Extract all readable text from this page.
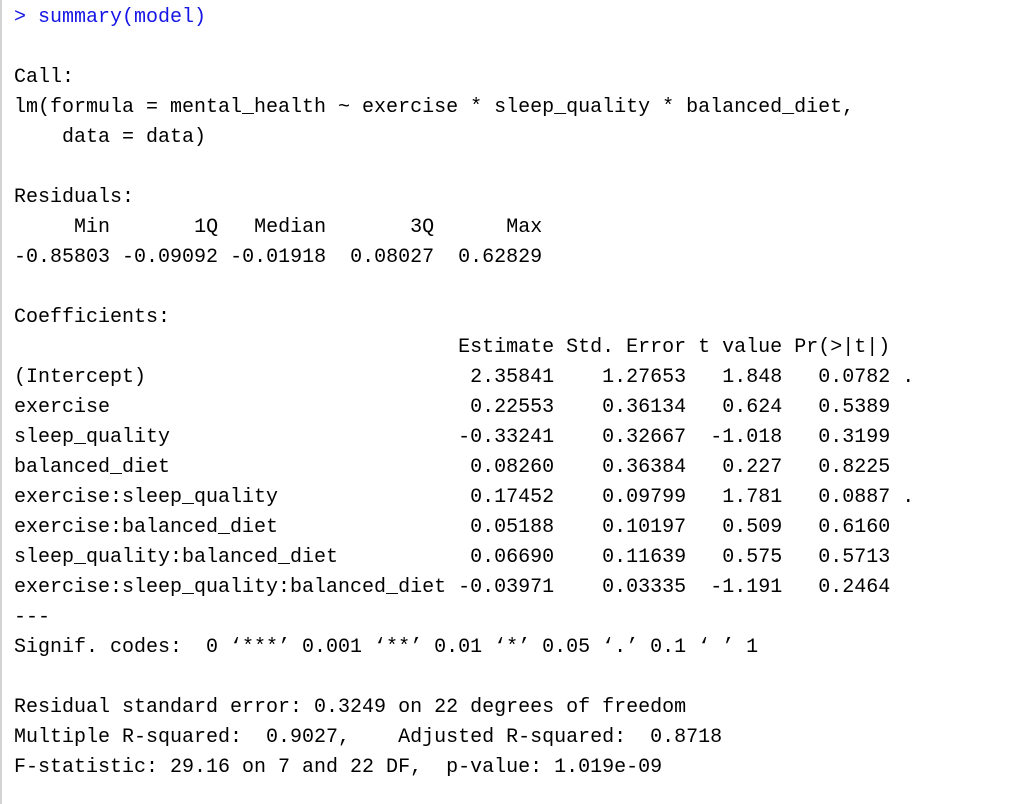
> summary(model)
Call:
lm(formula = mental_health ~ exercise * sleep_quality * balanced_diet,
data = data)
Residuals:
Min	1Q Median	3Q	Max
-0.85803 -0.09092 -0.01918 0.08027 0.62829
Coefficients:
Estimate Std. Error t value Pr(>|t|)
(Intercept)	2.35841 1.27653 1.848 0.0782 .
exercise	0.22553 0.36134 0.624 0.5389
sleep_quality	-0.33241 0.32667 -1.018 0.3199
balanced_diet	0.08260 0.36384 0.227 0.8225
exercise:sleep_quality	0.17452 0.09799 1.781 0.0887 .
exercise:balanced_diet	0.05188 0.10197 0.509 0.6160
sleep_quality:balanced_diet	0.06690 0.11639 0.575 0.5713
exercise:sleep_quality:balanced_diet -0.03971 0.03335 -1.191 0.2464
---
Signif. codes:  0 ‘***’ 0.001 ‘**’ 0.01 ‘*’ 0.05 ‘.’ 0.1 ‘ ’ 1
Residual standard error: 0.3249 on 22 degrees of freedom
Multiple R-squared:  0.9027,	Adjusted R-squared:  0.8718
F-statistic: 29.16 on 7 and 22 DF,  p-value: 1.019e-09
